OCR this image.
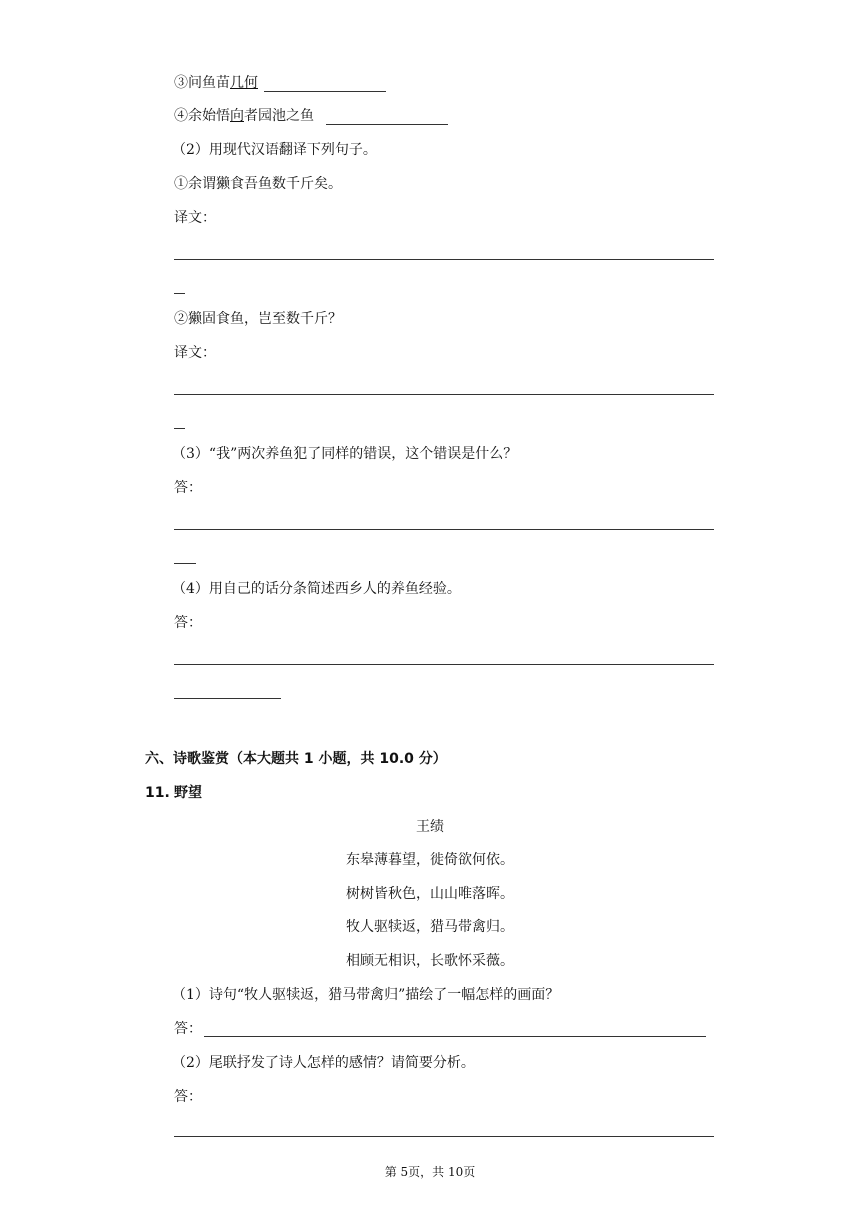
③问鱼苗几何
④余始悟向者园池之鱼
（2）用现代汉语翻译下列句子。
①余谓獭食吾鱼数千斤矣。
译文：
②獭固食鱼，岂至数千斤？
译文：
（3）“我”两次养鱼犯了同样的错误，这个错误是什么？
答：
（4）用自己的话分条简述西乡人的养鱼经验。
答：
六、诗歌鉴赏（本大题共 1 小题，共 10.0 分）
11. 野望
王绩
东皋薄暮望，徙倚欲何依。
树树皆秋色，山山唯落晖。
牧人驱犊返，猎马带禽归。
相顾无相识，长歌怀采薇。
（1）诗句“牧人驱犊返，猎马带禽归”描绘了一幅怎样的画面？
答：
（2）尾联抒发了诗人怎样的感情？请简要分析。
答：
第 5页，共 10页
